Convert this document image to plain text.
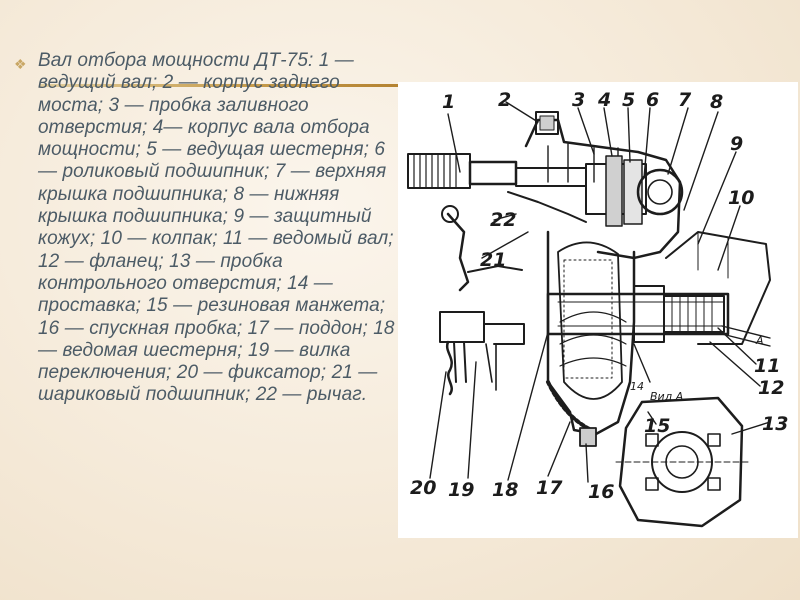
❖ Вал отбора мощности ДТ-75: 1 — ведущий вал; 2 — корпус заднего моста; 3 — пробка заливного отверстия; 4— корпус вала отбора мощности; 5 — ведущая шестерня; 6 — роликовый подшипник; 7 — верхняя крышка подшипника; 8 — нижняя крышка подшипника; 9 — защитный кожух; 10 — колпак; 11 — ведомый вал; 12 — фланец; 13 — пробка контрольного отверстия; 14 — проставка; 15 — резиновая манжета; 16 — спускная пробка; 17 — поддон; 18 — ведомая шестерня; 19 — вилка переключения; 20 — фиксатор; 21 — шариковый подшипник; 22 — рычаг.

1 2	3 4 5 6 7 8
9
10
11
12
13
14
Вид А
15
16
17
18
19
20
21
22
А
